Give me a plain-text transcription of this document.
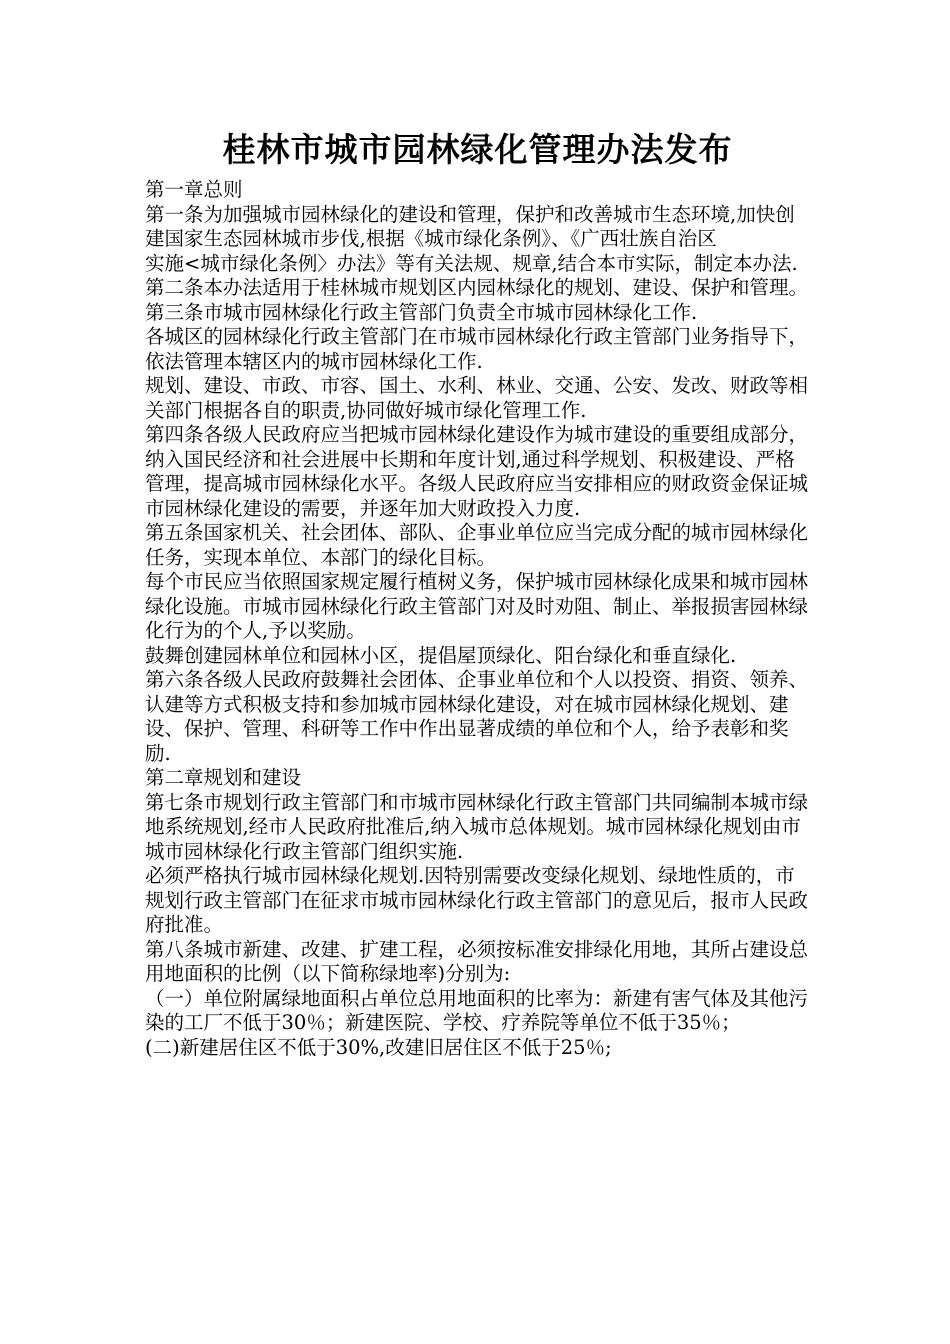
桂林市城市园林绿化管理办法发布

第一章总则

第一条为加强城市园林绿化的建设和管理，保护和改善城市生态环境,加快创建国家生态园林城市步伐,根据《城市绿化条例》、《广西壮族自治区

实施<城市绿化条例〉办法》等有关法规、规章,结合本市实际，制定本办法.

第二条本办法适用于桂林城市规划区内园林绿化的规划、建设、保护和管理。

第三条市城市园林绿化行政主管部门负责全市城市园林绿化工作.

各城区的园林绿化行政主管部门在市城市园林绿化行政主管部门业务指导下，依法管理本辖区内的城市园林绿化工作.

规划、建设、市政、市容、国土、水利、林业、交通、公安、发改、财政等相关部门根据各自的职责,协同做好城市绿化管理工作.

第四条各级人民政府应当把城市园林绿化建设作为城市建设的重要组成部分，纳入国民经济和社会进展中长期和年度计划,通过科学规划、积极建设、严格管理，提高城市园林绿化水平。各级人民政府应当安排相应的财政资金保证城市园林绿化建设的需要，并逐年加大财政投入力度.

第五条国家机关、社会团体、部队、企事业单位应当完成分配的城市园林绿化任务，实现本单位、本部门的绿化目标。

每个市民应当依照国家规定履行植树义务，保护城市园林绿化成果和城市园林绿化设施。市城市园林绿化行政主管部门对及时劝阻、制止、举报损害园林绿化行为的个人,予以奖励。

鼓舞创建园林单位和园林小区，提倡屋顶绿化、阳台绿化和垂直绿化.

第六条各级人民政府鼓舞社会团体、企事业单位和个人以投资、捐资、领养、认建等方式积极支持和参加城市园林绿化建设，对在城市园林绿化规划、建设、保护、管理、科研等工作中作出显著成绩的单位和个人，给予表彰和奖励.

第二章规划和建设

第七条市规划行政主管部门和市城市园林绿化行政主管部门共同编制本城市绿地系统规划,经市人民政府批准后,纳入城市总体规划。城市园林绿化规划由市城市园林绿化行政主管部门组织实施.

必须严格执行城市园林绿化规划.因特别需要改变绿化规划、绿地性质的，市规划行政主管部门在征求市城市园林绿化行政主管部门的意见后，报市人民政府批准。

第八条城市新建、改建、扩建工程，必须按标准安排绿化用地，其所占建设总用地面积的比例（以下简称绿地率)分别为:

（一）单位附属绿地面积占单位总用地面积的比率为：新建有害气体及其他污染的工厂不低于30％；新建医院、学校、疗养院等单位不低于35％；

(二)新建居住区不低于30%,改建旧居住区不低于25％;
